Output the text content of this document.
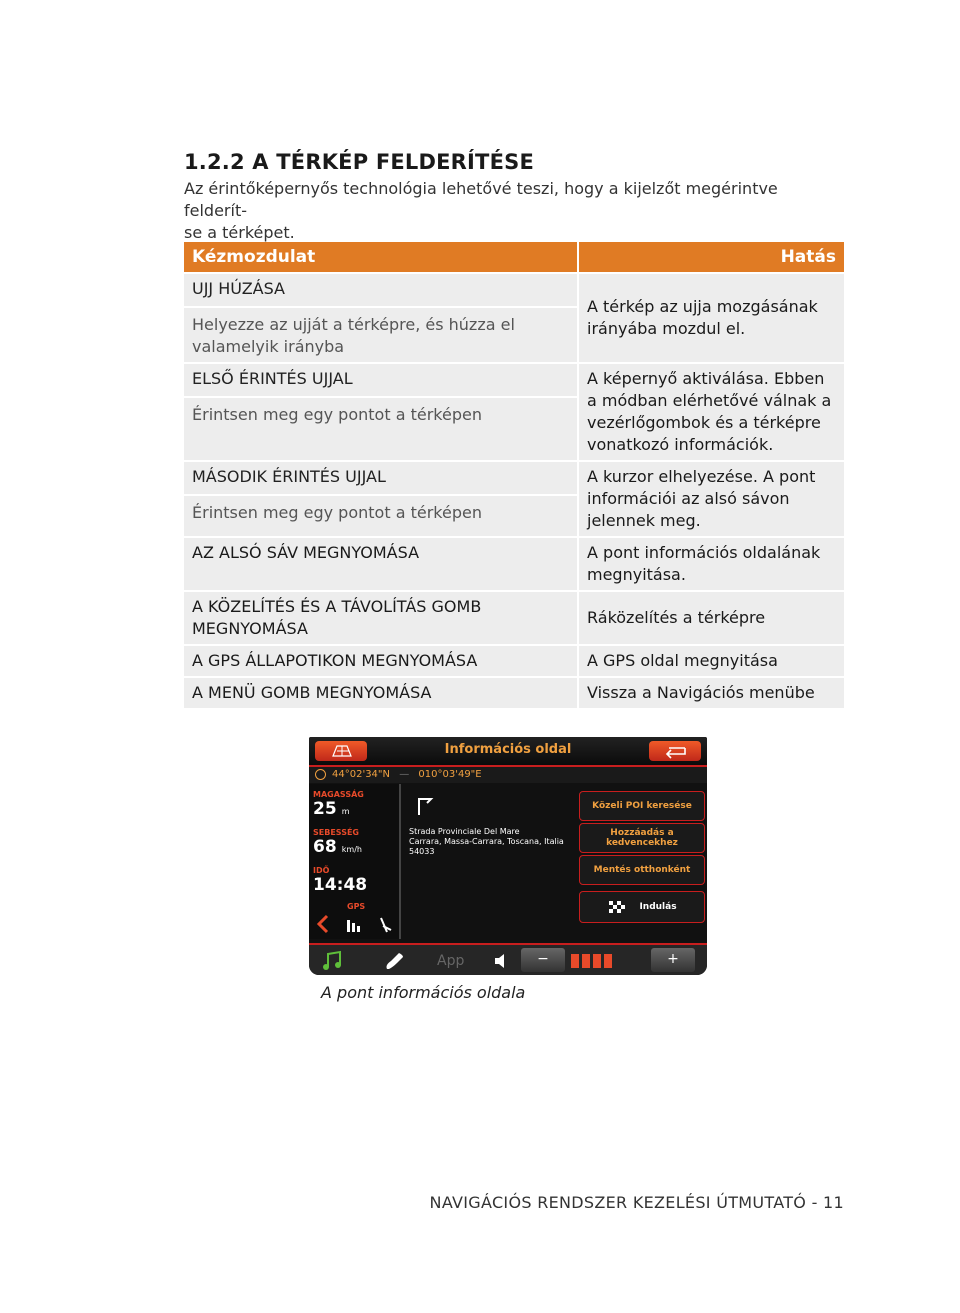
1.2.2 A TÉRKÉP FELDERÍTÉSE

Az érintőképernyős technológia lehetővé teszi, hogy a kijelzőt megérintve felderít-
se a térképet.

Kézmozdulat	Hatás

UJJ HÚZÁSA
Helyezze az ujját a térképre, és húzza el valamelyik irányba	A térkép az ujja mozgásának irányába mozdul el.

ELSŐ ÉRINTÉS UJJAL
Érintsen meg egy pontot a térképen	A képernyő aktiválása. Ebben a módban elérhetővé válnak a vezérlőgombok és a térképre vonatkozó információk.

MÁSODIK ÉRINTÉS UJJAL
Érintsen meg egy pontot a térképen	A kurzor elhelyezése. A pont információi az alsó sávon jelennek meg.
AZ ALSÓ SÁV MEGNYOMÁSA	A pont információs oldalának megnyitása.
A KÖZELÍTÉS ÉS A TÁVOLÍTÁS GOMB MEGNYOMÁSA	Ráközelítés a térképre
A GPS ÁLLAPOTIKON MEGNYOMÁSA	A GPS oldal megnyitása
A MENÜ GOMB MEGNYOMÁSA	Vissza a Navigációs menübe
Információs oldal
44°02'34"N — 010°03'49"E
MAGASSÁG
25 m
SEBESSÉG
68 km/h
IDŐ
14:48
GPS
Strada Provinciale Del Mare
Carrara, Massa-Carrara, Toscana, Italia
54033
Közeli POI keresése
Hozzáadás a
kedvencekhez
Mentés otthonként
Indulás
App	−	+
A pont információs oldala
NAVIGÁCIÓS RENDSZER KEZELÉSI ÚTMUTATÓ - 11
